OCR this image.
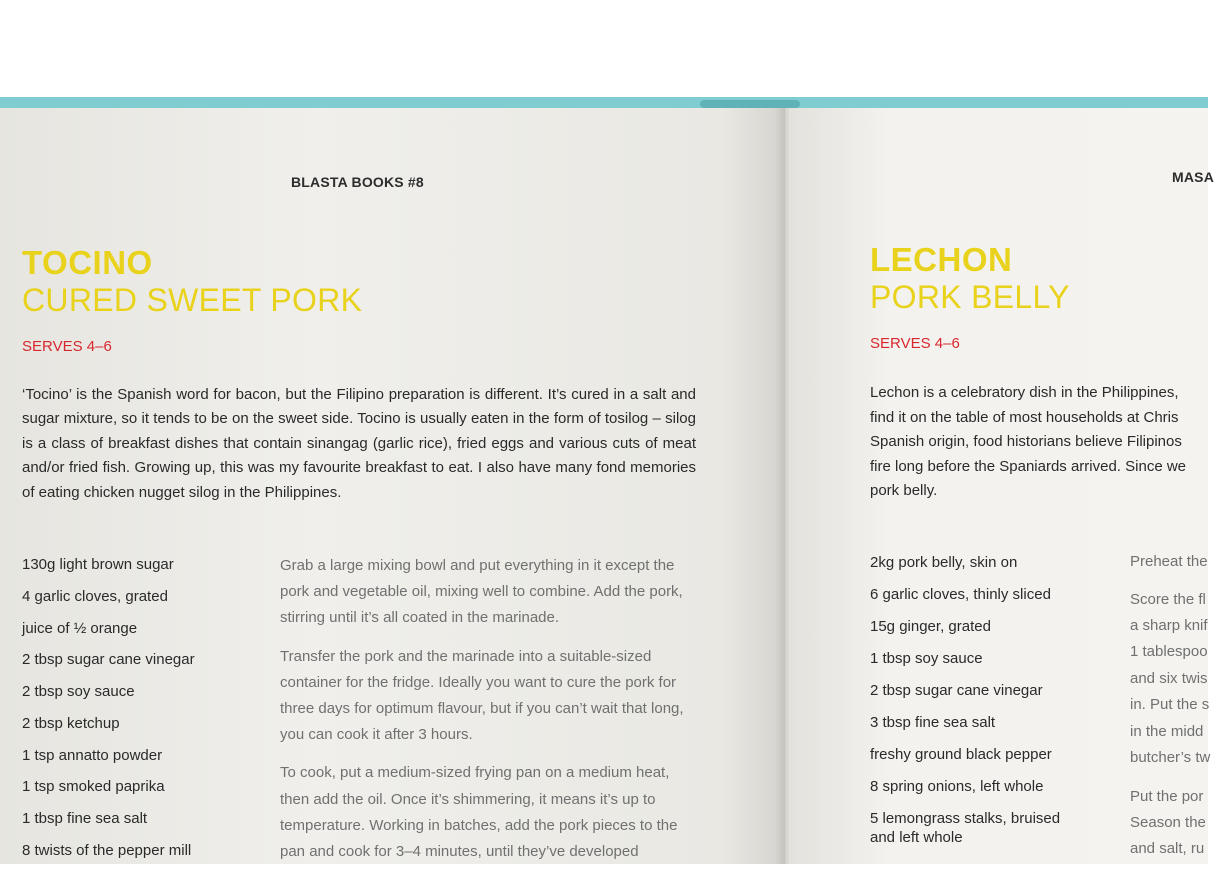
BLASTA BOOKS #8
TOCINO
CURED SWEET PORK
SERVES 4–6
‘Tocino’ is the Spanish word for bacon, but the Filipino preparation is different. It’s cured in a salt and sugar mixture, so it tends to be on the sweet side. Tocino is usually eaten in the form of tosilog – silog is a class of breakfast dishes that contain sinangag (garlic rice), fried eggs and various cuts of meat and/or fried fish. Growing up, this was my favourite breakfast to eat. I also have many fond memories of eating chicken nugget silog in the Philippines.
130g light brown sugar
4 garlic cloves, grated
juice of ½ orange
2 tbsp sugar cane vinegar
2 tbsp soy sauce
2 tbsp ketchup
1 tsp annatto powder
1 tsp smoked paprika
1 tbsp fine sea salt
8 twists of the pepper mill

Grab a large mixing bowl and put everything in it except the pork and vegetable oil, mixing well to combine. Add the pork, stirring until it’s all coated in the marinade.

Transfer the pork and the marinade into a suitable-sized container for the fridge. Ideally you want to cure the pork for three days for optimum flavour, but if you can’t wait that long, you can cook it after 3 hours.

To cook, put a medium-sized frying pan on a medium heat, then add the oil. Once it’s shimmering, it means it’s up to temperature. Working in batches, add the pork pieces to the pan and cook for 3–4 minutes, until they’ve developed

MASA
LECHON
PORK BELLY
SERVES 4–6
Lechon is a celebratory dish in the Philippines,
find it on the table of most households at Chris
Spanish origin, food historians believe Filipinos
fire long before the Spaniards arrived. Since we
pork belly.
2kg pork belly, skin on
6 garlic cloves, thinly sliced
15g ginger, grated
1 tbsp soy sauce
2 tbsp sugar cane vinegar
3 tbsp fine sea salt
freshy ground black pepper
8 spring onions, left whole
5 lemongrass stalks, bruised
and left whole
Preheat the
Score the fl
a sharp knif
1 tablespoo
and six twis
in. Put the s
in the midd
butcher’s tw
Put the por
Season the
and salt, ru
